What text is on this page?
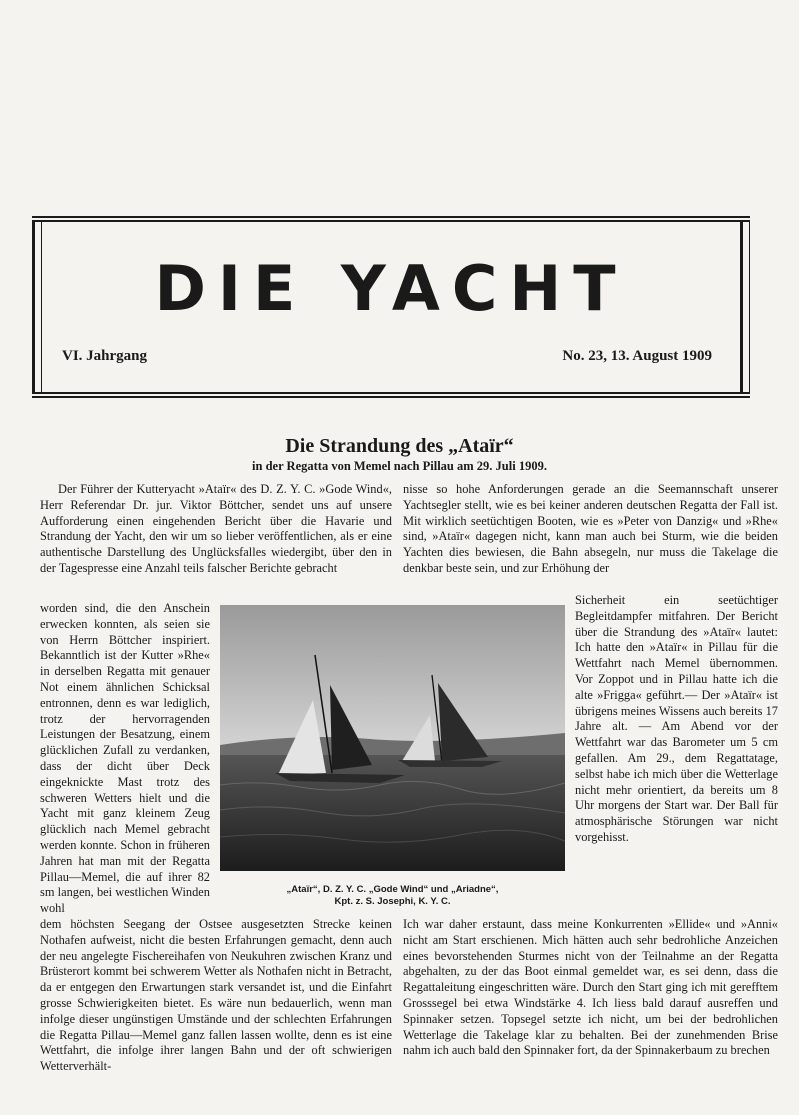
DIE YACHT
VI. Jahrgang	No. 23, 13. August 1909
Die Strandung des „Ataïr“
in der Regatta von Memel nach Pillau am 29. Juli 1909.

Der Führer der Kutteryacht »Ataïr« des D. Z. Y. C. »Gode Wind«, Herr Referendar Dr. jur. Viktor Böttcher, sendet uns auf unsere Aufforderung einen eingehenden Bericht über die Havarie und Strandung der Yacht, den wir um so lieber veröffentlichen, als er eine authentische Darstellung des Unglücksfalles wiedergibt, über den in der Tagespresse eine Anzahl teils falscher Berichte gebracht

worden sind, die den Anschein erwecken konnten, als seien sie von Herrn Böttcher inspiriert. Bekanntlich ist der Kutter »Rhe« in derselben Regatta mit genauer Not einem ähnlichen Schicksal entronnen, denn es war lediglich, trotz der hervorragenden Leistungen der Besatzung, einem glücklichen Zufall zu verdanken, dass der dicht über Deck eingeknickte Mast trotz des schweren Wetters hielt und die Yacht mit ganz kleinem Zeug glücklich nach Memel gebracht werden konnte. Schon in früheren Jahren hat man mit der Regatta Pillau—Memel, die auf ihrer 82 sm langen, bei westlichen Winden wohl

dem höchsten Seegang der Ostsee ausgesetzten Strecke keinen Nothafen aufweist, nicht die besten Erfahrungen gemacht, denn auch der neu angelegte Fischereihafen von Neukuhren zwischen Kranz und Brüsterort kommt bei schwerem Wetter als Nothafen nicht in Betracht, da er entgegen den Erwartungen stark versandet ist, und die Einfahrt grosse Schwierigkeiten bietet. Es wäre nun bedauerlich, wenn man infolge dieser ungünstigen Umstände und der schlechten Erfahrungen die Regatta Pillau—Memel ganz fallen lassen wollte, denn es ist eine Wettfahrt, die infolge ihrer langen Bahn und der oft schwierigen Wetterverhält-

nisse so hohe Anforderungen gerade an die Seemannschaft unserer Yachtsegler stellt, wie es bei keiner anderen deutschen Regatta der Fall ist. Mit wirklich seetüchtigen Booten, wie es »Peter von Danzig« und »Rhe« sind, »Ataïr« dagegen nicht, kann man auch bei Sturm, wie die beiden Yachten dies bewiesen, die Bahn absegeln, nur muss die Takelage die denkbar beste sein, und zur Erhöhung der

Sicherheit ein seetüchtiger Begleitdampfer mitfahren. Der Bericht über die Strandung des »Ataïr« lautet: Ich hatte den »Ataïr« in Pillau für die Wettfahrt nach Memel übernommen. Vor Zoppot und in Pillau hatte ich die alte »Frigga« geführt.— Der »Ataïr« ist übrigens meines Wissens auch bereits 17 Jahre alt. — Am Abend vor der Wettfahrt war das Barometer um 5 cm gefallen. Am 29., dem Regattatage, selbst habe ich mich über die Wetterlage nicht mehr orientiert, da bereits um 8 Uhr morgens der Start war. Der Ball für atmosphärische Störungen war nicht vorgehisst.

Ich war daher erstaunt, dass meine Konkurrenten »Ellide« und »Anni« nicht am Start erschienen. Mich hätten auch sehr bedrohliche Anzeichen eines bevorstehenden Sturmes nicht von der Teilnahme an der Regatta abgehalten, zu der das Boot einmal gemeldet war, es sei denn, dass die Regattaleitung eingeschritten wäre. Durch den Start ging ich mit gerefftem Grosssegel bei etwa Windstärke 4. Ich liess bald darauf ausreffen und Spinnaker setzen. Topsegel setzte ich nicht, um bei der bedrohlichen Wetterlage die Takelage klar zu behalten. Bei der zunehmenden Brise nahm ich auch bald den Spinnaker fort, da der Spinnakerbaum zu brechen

„Ataïr“, D. Z. Y. C. „Gode Wind“ und „Ariadne“,
Kpt. z. S. Josephi, K. Y. C.
